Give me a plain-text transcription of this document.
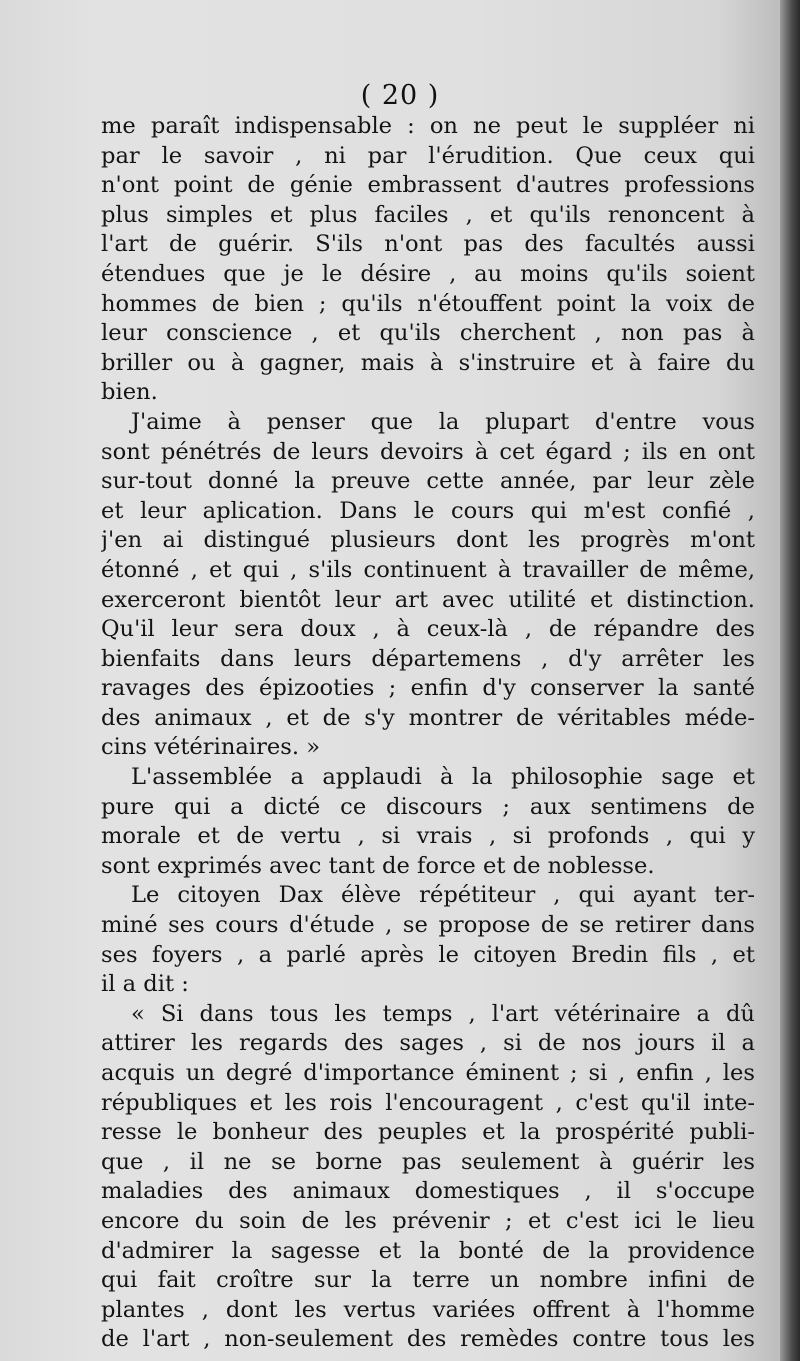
( 20 )
me paraît indispensable : on ne peut le suppléer ni
par le savoir , ni par l'érudition. Que ceux qui
n'ont point de génie embrassent d'autres professions
plus simples et plus faciles , et qu'ils renoncent à
l'art de guérir. S'ils n'ont pas des facultés aussi
étendues que je le désire , au moins qu'ils soient
hommes de bien ; qu'ils n'étouffent point la voix de
leur conscience , et qu'ils cherchent , non pas à
briller ou à gagner, mais à s'instruire et à faire du
bien.
J'aime à penser que la plupart d'entre vous
sont pénétrés de leurs devoirs à cet égard ; ils en ont
sur-tout donné la preuve cette année, par leur zèle
et leur aplication. Dans le cours qui m'est confié ,
j'en ai distingué plusieurs dont les progrès m'ont
étonné , et qui , s'ils continuent à travailler de même,
exerceront bientôt leur art avec utilité et distinction.
Qu'il leur sera doux , à ceux-là , de répandre des
bienfaits dans leurs départemens , d'y arrêter les
ravages des épizooties ; enfin d'y conserver la santé
des animaux , et de s'y montrer de véritables méde-
cins vétérinaires. »
L'assemblée a applaudi à la philosophie sage et
pure qui a dicté ce discours ; aux sentimens de
morale et de vertu , si vrais , si profonds , qui y
sont exprimés avec tant de force et de noblesse.
Le citoyen Dax élève répétiteur , qui ayant ter-
miné ses cours d'étude , se propose de se retirer dans
ses foyers , a parlé après le citoyen Bredin fils , et
il a dit :
« Si dans tous les temps , l'art vétérinaire a dû
attirer les regards des sages , si de nos jours il a
acquis un degré d'importance éminent ; si , enfin , les
républiques et les rois l'encouragent , c'est qu'il inte-
resse le bonheur des peuples et la prospérité publi-
que , il ne se borne pas seulement à guérir les
maladies des animaux domestiques , il s'occupe
encore du soin de les prévenir ; et c'est ici le lieu
d'admirer la sagesse et la bonté de la providence
qui fait croître sur la terre un nombre infini de
plantes , dont les vertus variées offrent à l'homme
de l'art , non-seulement des remèdes contre tous les
